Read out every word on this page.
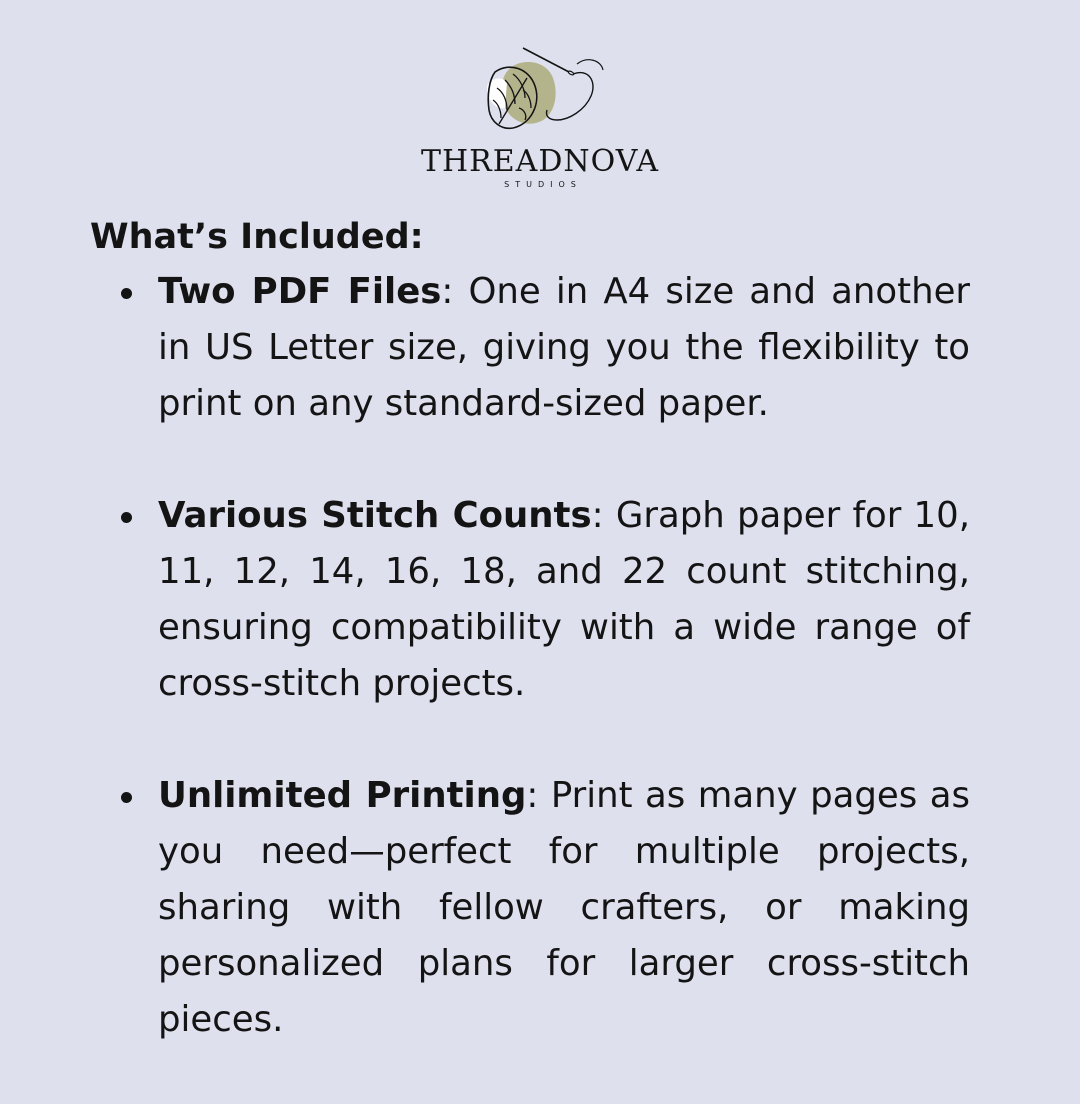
THREADNOVA
STUDIOS
What’s Included:
Two PDF Files: One in A4 size and another in US Letter size, giving you the flexibility to print on any standard-sized paper.
Various Stitch Counts: Graph paper for 10, 11, 12, 14, 16, 18, and 22 count stitching, ensuring compatibility with a wide range of cross-stitch projects.
Unlimited Printing: Print as many pages as you need—perfect for multiple projects, sharing with fellow crafters, or making personalized plans for larger cross-stitch pieces.
